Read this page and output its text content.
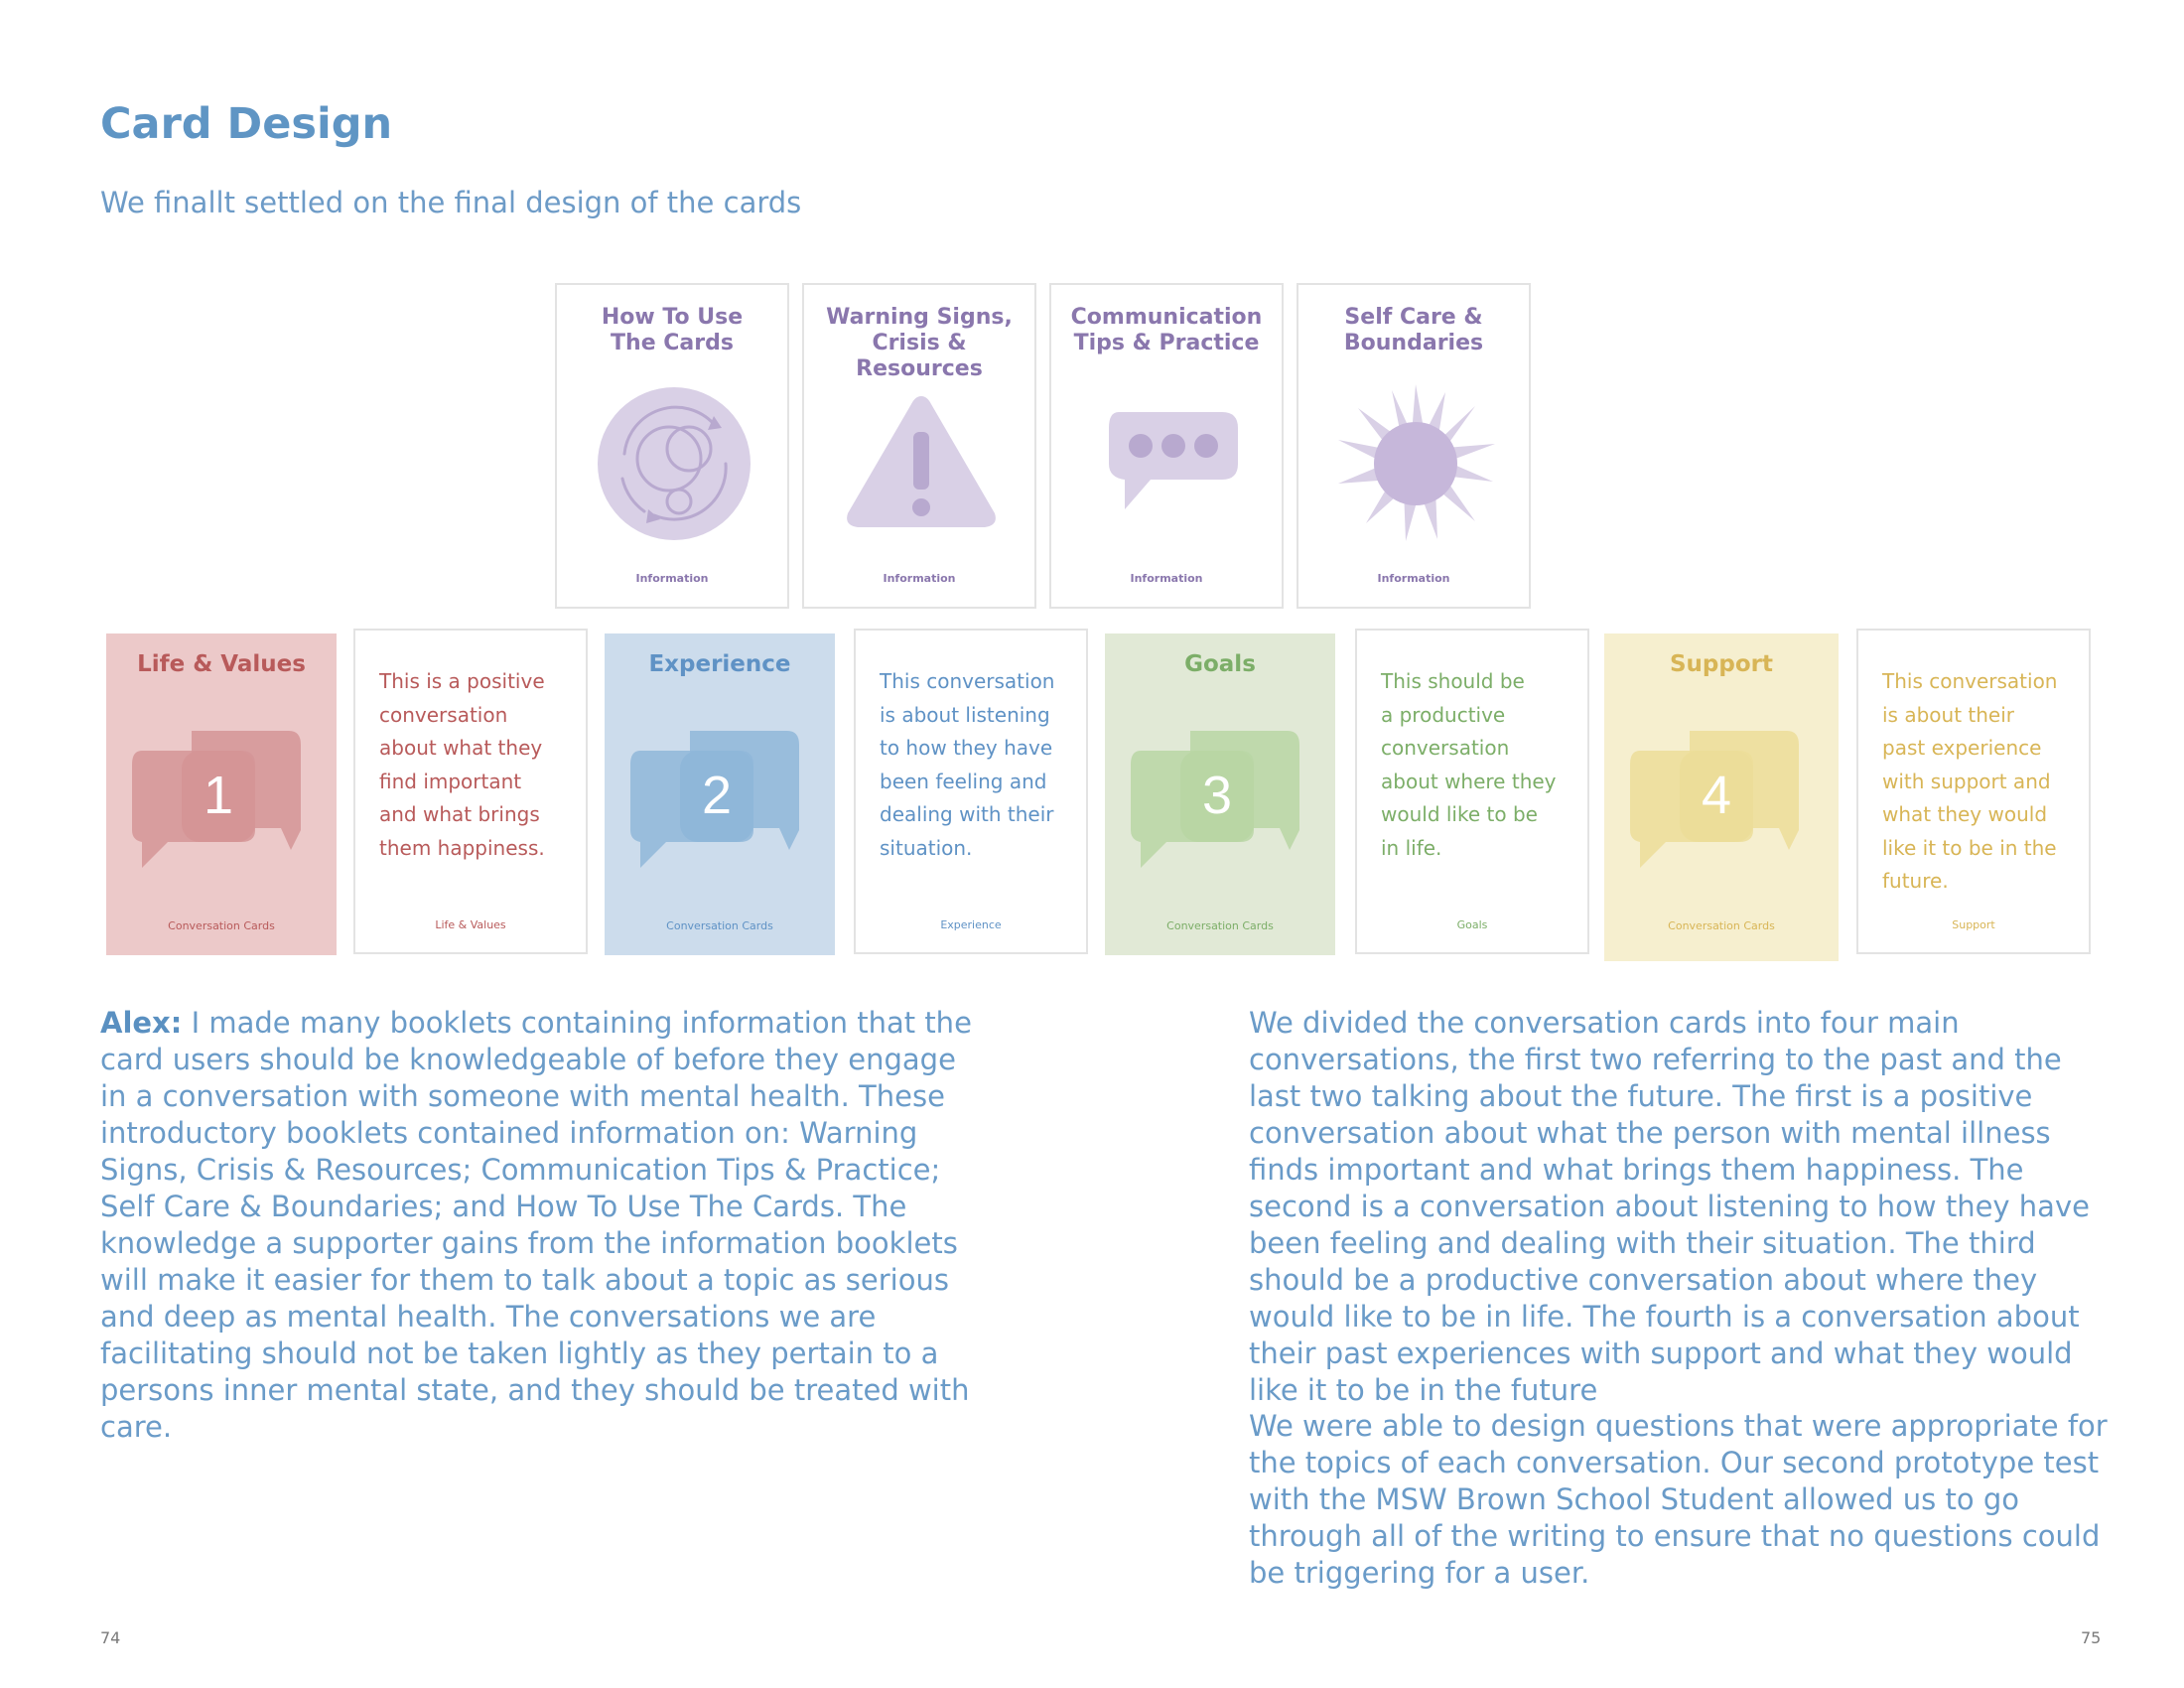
Card Design

We finallt settled on the final design of the cards

How To Use
The Cards
Information
Warning Signs,
Crisis &
Resources
Information
Communication
Tips & Practice
Information
Self Care &
Boundaries
Information
Life & Values
1
Conversation Cards
This is a positive
conversation
about what they
find important
and what brings
them happiness.
Life & Values
Experience
2
Conversation Cards
This conversation
is about listening
to how they have
been feeling and
dealing with their
situation.
Experience
Goals
3
Conversation Cards
This should be
a productive
conversation
about where they
would like to be
in life.
Goals
Support
4
Conversation Cards
This conversation
is about their
past experience
with support and
what they would
like it to be in the
future.
Support

Alex: I made many booklets containing information that the card users should be knowledgeable of before they engage in a conversation with someone with mental health. These introductory booklets contained information on: Warning Signs, Crisis & Resources; Communication Tips & Practice; Self Care & Boundaries; and How To Use The Cards. The knowledge a supporter gains from the information booklets will make it easier for them to talk about a topic as serious and deep as mental health. The conversations we are facilitating should not be taken lightly as they pertain to a persons inner mental state, and they should be treated with care.

We divided the conversation cards into four main conversations, the first two referring to the past and the last two talking about the future. The first is a positive conversation about what the person with mental illness finds important and what brings them happiness. The second is a conversation about listening to how they have been feeling and dealing with their situation. The third should be a productive conversation about where they would like to be in life. The fourth is a conversation about their past experiences with support and what they would like it to be in the future

We were able to design questions that were appropriate for the topics of each conversation. Our second prototype test with the MSW Brown School Student allowed us to go through all of the writing to ensure that no questions could be triggering for a user.

74	75
